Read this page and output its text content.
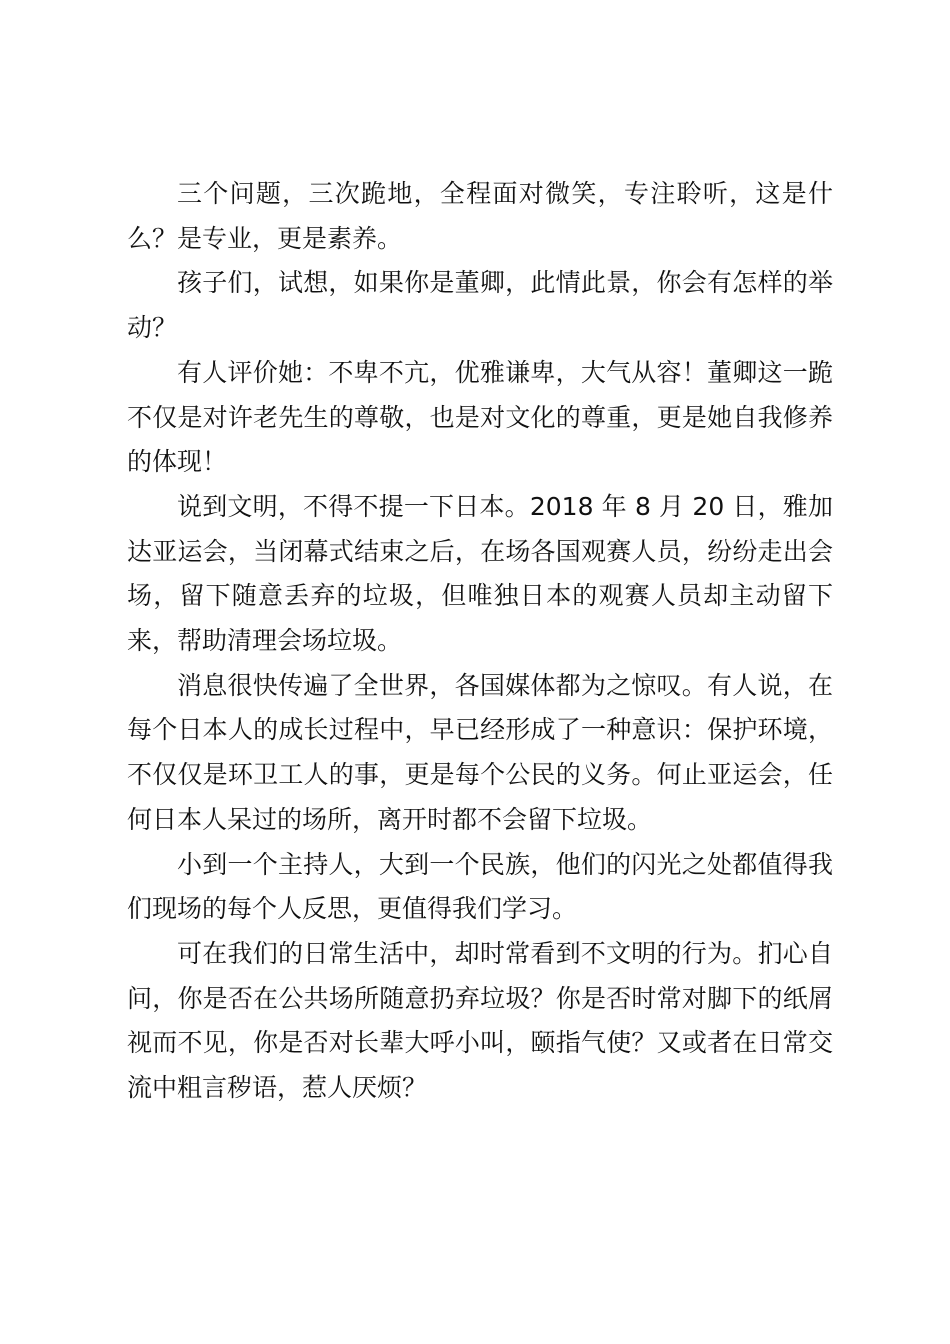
三个问题，三次跪地，全程面对微笑，专注聆听，这是什么？是专业，更是素养。

孩子们，试想，如果你是董卿，此情此景，你会有怎样的举动？

有人评价她：不卑不亢，优雅谦卑，大气从容！董卿这一跪不仅是对许老先生的尊敬，也是对文化的尊重，更是她自我修养的体现！

说到文明，不得不提一下日本。2018 年 8 月 20 日，雅加达亚运会，当闭幕式结束之后，在场各国观赛人员，纷纷走出会场，留下随意丢弃的垃圾，但唯独日本的观赛人员却主动留下来，帮助清理会场垃圾。

消息很快传遍了全世界，各国媒体都为之惊叹。有人说，在每个日本人的成长过程中，早已经形成了一种意识：保护环境，不仅仅是环卫工人的事，更是每个公民的义务。何止亚运会，任何日本人呆过的场所，离开时都不会留下垃圾。

小到一个主持人，大到一个民族，他们的闪光之处都值得我们现场的每个人反思，更值得我们学习。

可在我们的日常生活中，却时常看到不文明的行为。扪心自问，你是否在公共场所随意扔弃垃圾？你是否时常对脚下的纸屑视而不见，你是否对长辈大呼小叫，颐指气使？又或者在日常交流中粗言秽语，惹人厌烦？
